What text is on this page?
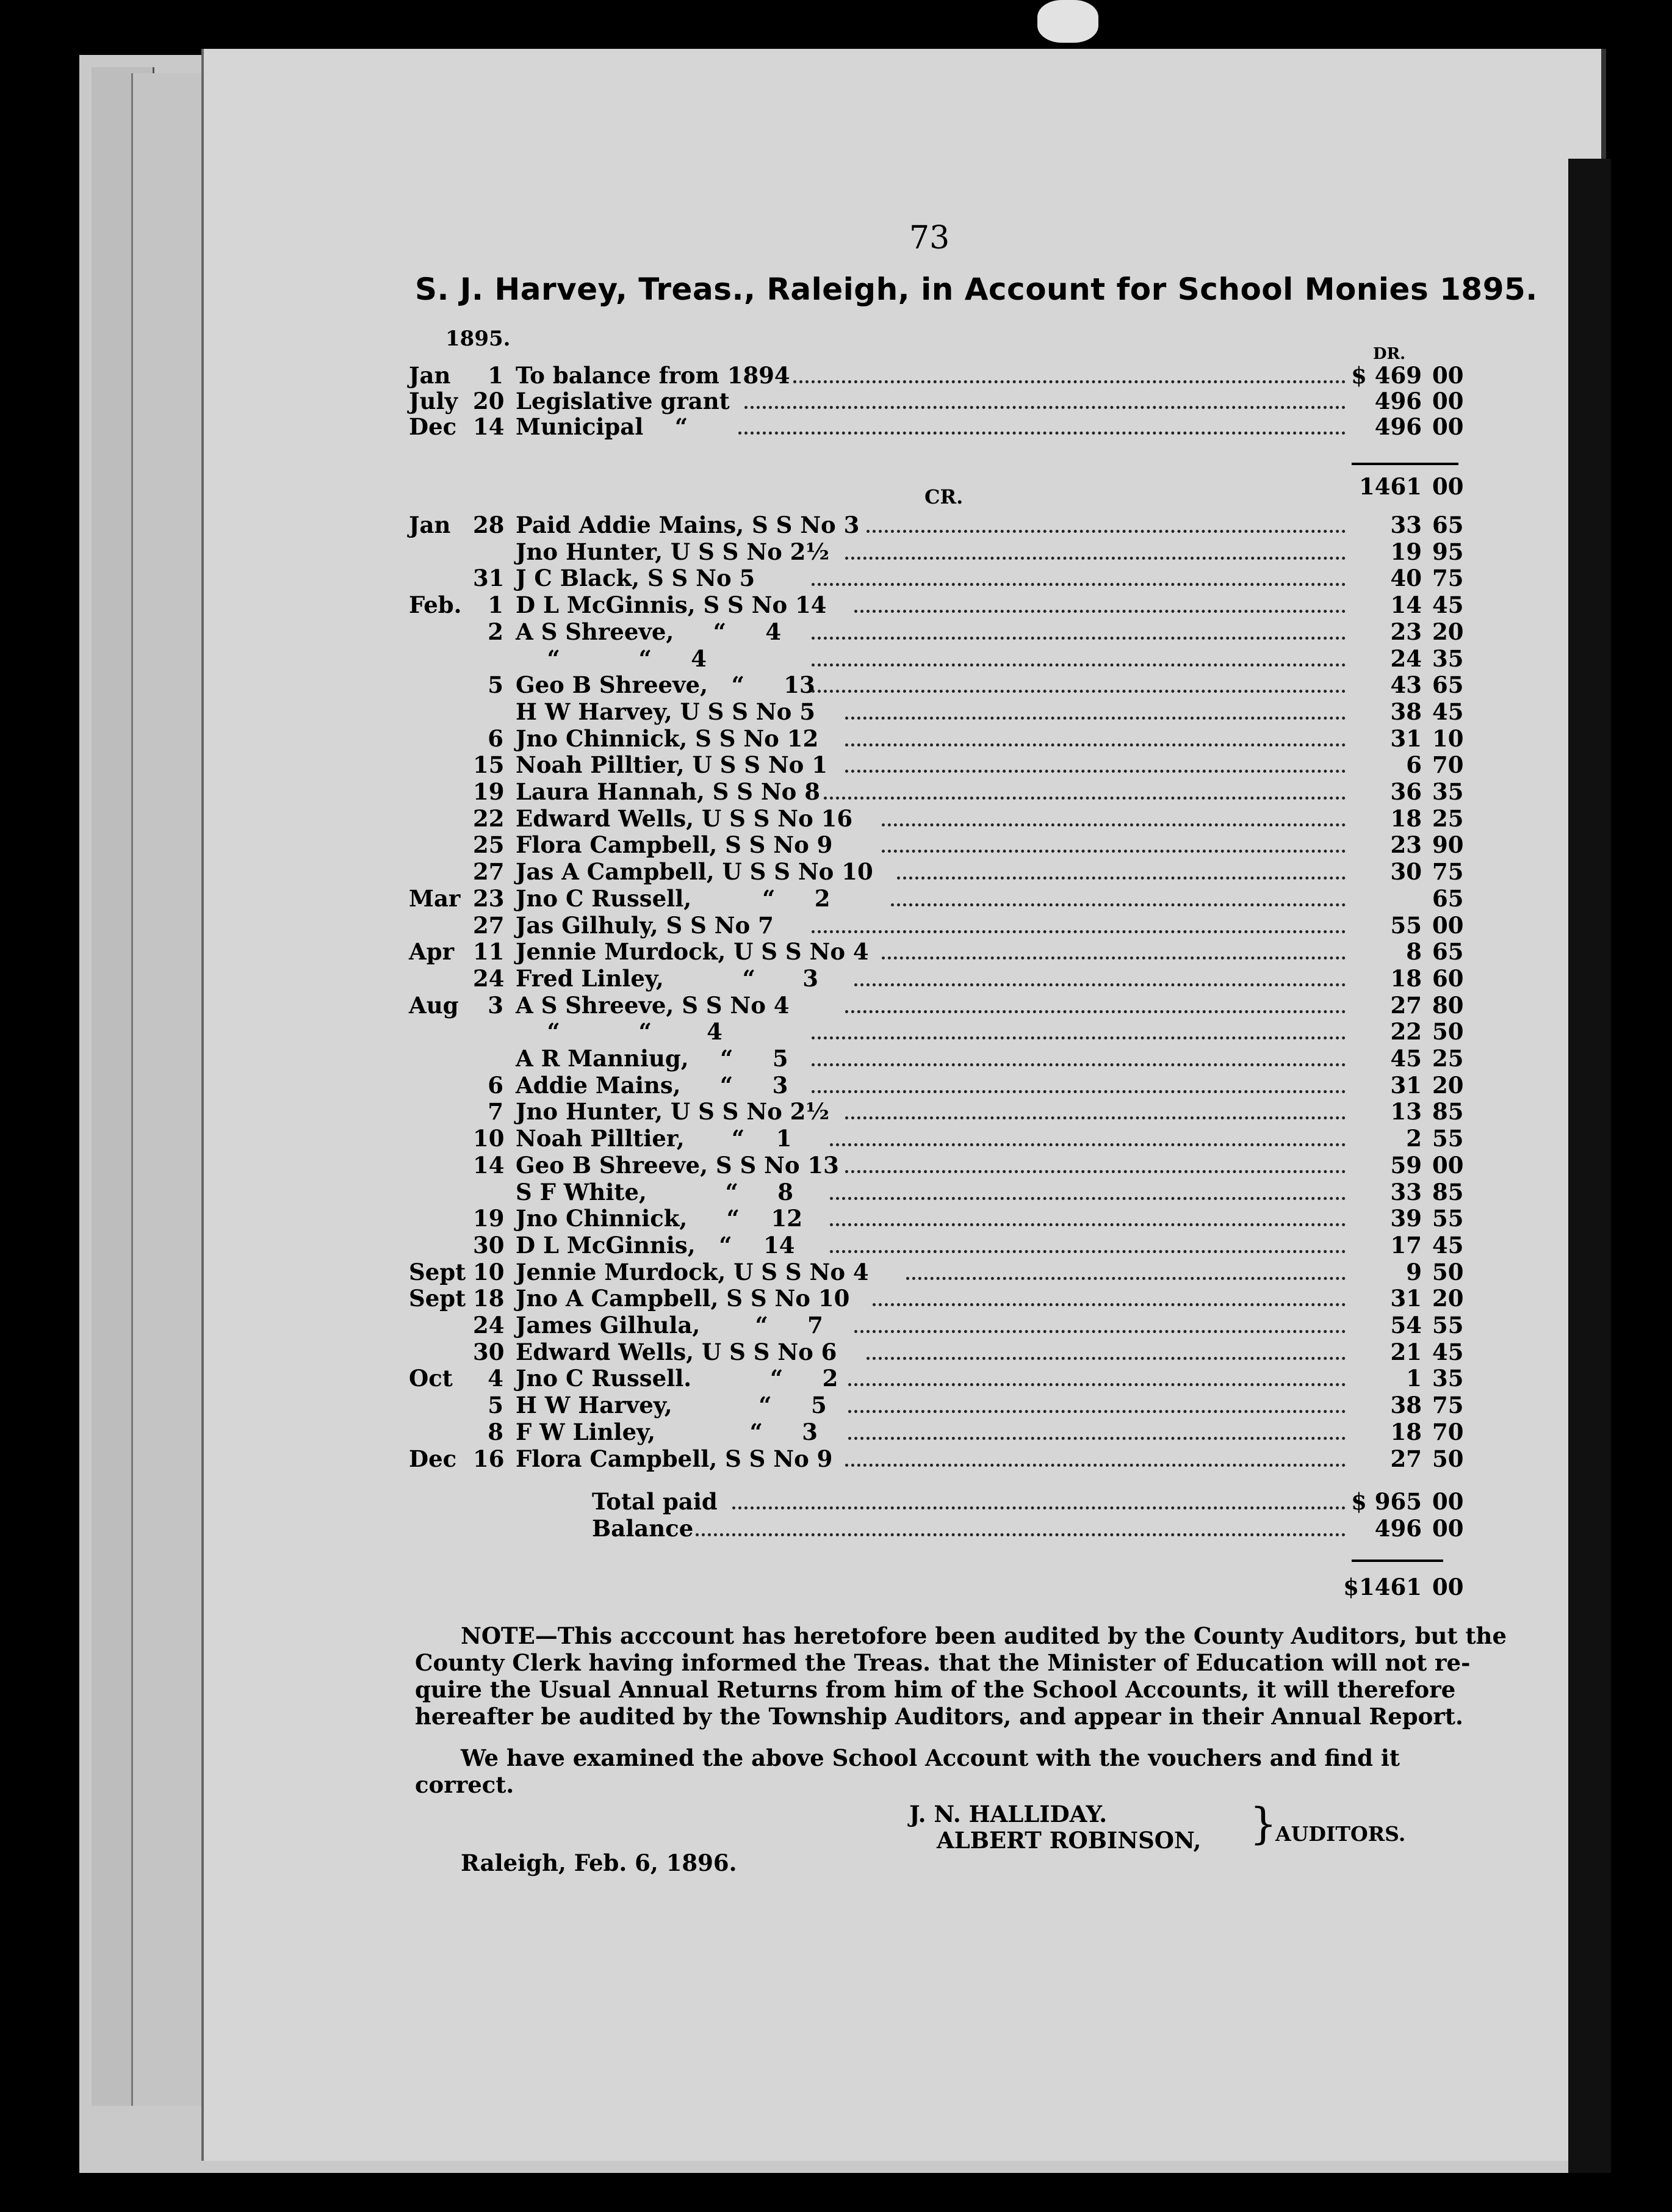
73
S. J. Harvey, Treas., Raleigh, in Account for School Monies 1895.
1895.
DR.
CR.
Jan	1 To balance from 1894	$ 469 00
July 20 Legislative grant	496 00
Dec 14 Municipal    “	496 00
1461 00
Jan 28 Paid Addie Mains, S S No 3	33 65
Jno Hunter, U S S No 2½	19 95
31 J C Black, S S No 5	40 75
Feb.	1 D L McGinnis, S S No 14	14 45
2 A S Shreeve,     “     4	23 20
“          “     4	24 35
5 Geo B Shreeve,   “     13	43 65
H W Harvey, U S S No 5	38 45
6 Jno Chinnick, S S No 12	31 10
15 Noah Pilltier, U S S No 1	6 70
19 Laura Hannah, S S No 8	36 35
22 Edward Wells, U S S No 16	18 25
25 Flora Campbell, S S No 9	23 90
27 Jas A Campbell, U S S No 10	30 75
Mar 23 Jno C Russell,         “     2	65
27 Jas Gilhuly, S S No 7	55 00
Apr 11 Jennie Murdock, U S S No 4	8 65
24 Fred Linley,          “      3	18 60
Aug	3 A S Shreeve, S S No 4	27 80
“          “       4	22 50
A R Manniug,    “     5	45 25
6 Addie Mains,     “     3	31 20
7 Jno Hunter, U S S No 2½	13 85
10 Noah Pilltier,      “    1	2 55
14 Geo B Shreeve, S S No 13	59 00
S F White,          “     8	33 85
19 Jno Chinnick,     “    12	39 55
30 D L McGinnis,   “    14	17 45
Sept 10 Jennie Murdock, U S S No 4	9 50
Sept 18 Jno A Campbell, S S No 10	31 20
24 James Gilhula,       “     7	54 55
30 Edward Wells, U S S No 6	21 45
Oct	4 Jno C Russell.          “     2	1 35
5 H W Harvey,           “     5	38 75
8 F W Linley,            “     3	18 70
Dec 16 Flora Campbell, S S No 9	27 50
Total paid	$ 965 00
Balance	496 00
$1461 00
NOTE—This acccount has heretofore been audited by the County Auditors, but the
County Clerk having informed the Treas. that the Minister of Education will not re-
quire the Usual Annual Returns from him of the School Accounts, it will therefore
hereafter be audited by the Township Auditors, and appear in their Annual Report.
We have examined the above School Account with the vouchers and find it
correct.
J. N. HALLIDAY.
ALBERT ROBINSON, }
AUDITORS.
Raleigh, Feb. 6, 1896.
